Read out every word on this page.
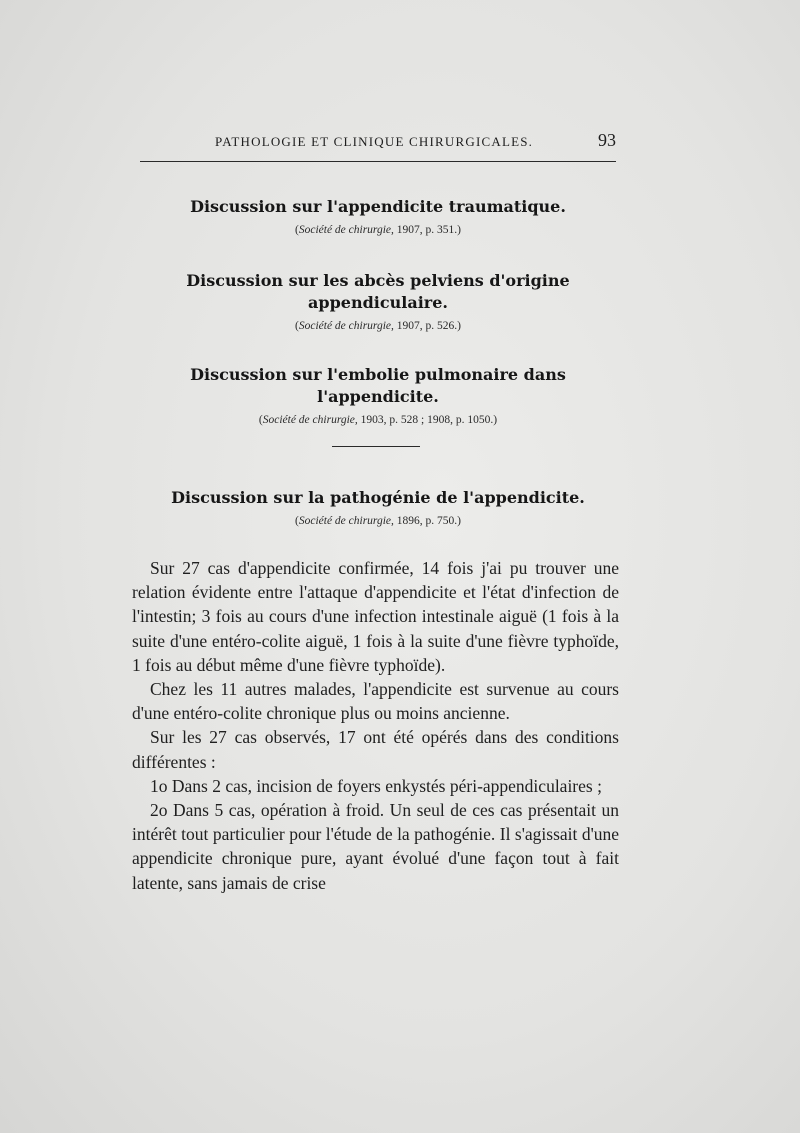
PATHOLOGIE ET CLINIQUE CHIRURGICALES.	93
Discussion sur l'appendicite traumatique.
(Société de chirurgie, 1907, p. 351.)
Discussion sur les abcès pelviens d'origine appendiculaire.
(Société de chirurgie, 1907, p. 526.)
Discussion sur l'embolie pulmonaire dans l'appendicite.
(Société de chirurgie, 1903, p. 528 ; 1908, p. 1050.)
Discussion sur la pathogénie de l'appendicite.
(Société de chirurgie, 1896, p. 750.)

Sur 27 cas d'appendicite confirmée, 14 fois j'ai pu trouver une relation évidente entre l'attaque d'appendicite et l'état d'infection de l'intestin; 3 fois au cours d'une infection intestinale aiguë (1 fois à la suite d'une entéro-colite aiguë, 1 fois à la suite d'une fièvre typhoïde, 1 fois au début même d'une fièvre typhoïde).

Chez les 11 autres malades, l'appendicite est survenue au cours d'une entéro-colite chronique plus ou moins ancienne.

Sur les 27 cas observés, 17 ont été opérés dans des conditions différentes :

1o Dans 2 cas, incision de foyers enkystés péri-appendiculaires ;

2o Dans 5 cas, opération à froid. Un seul de ces cas présentait un intérêt tout particulier pour l'étude de la pathogénie. Il s'agissait d'une appendicite chronique pure, ayant évolué d'une façon tout à fait latente, sans jamais de crise
